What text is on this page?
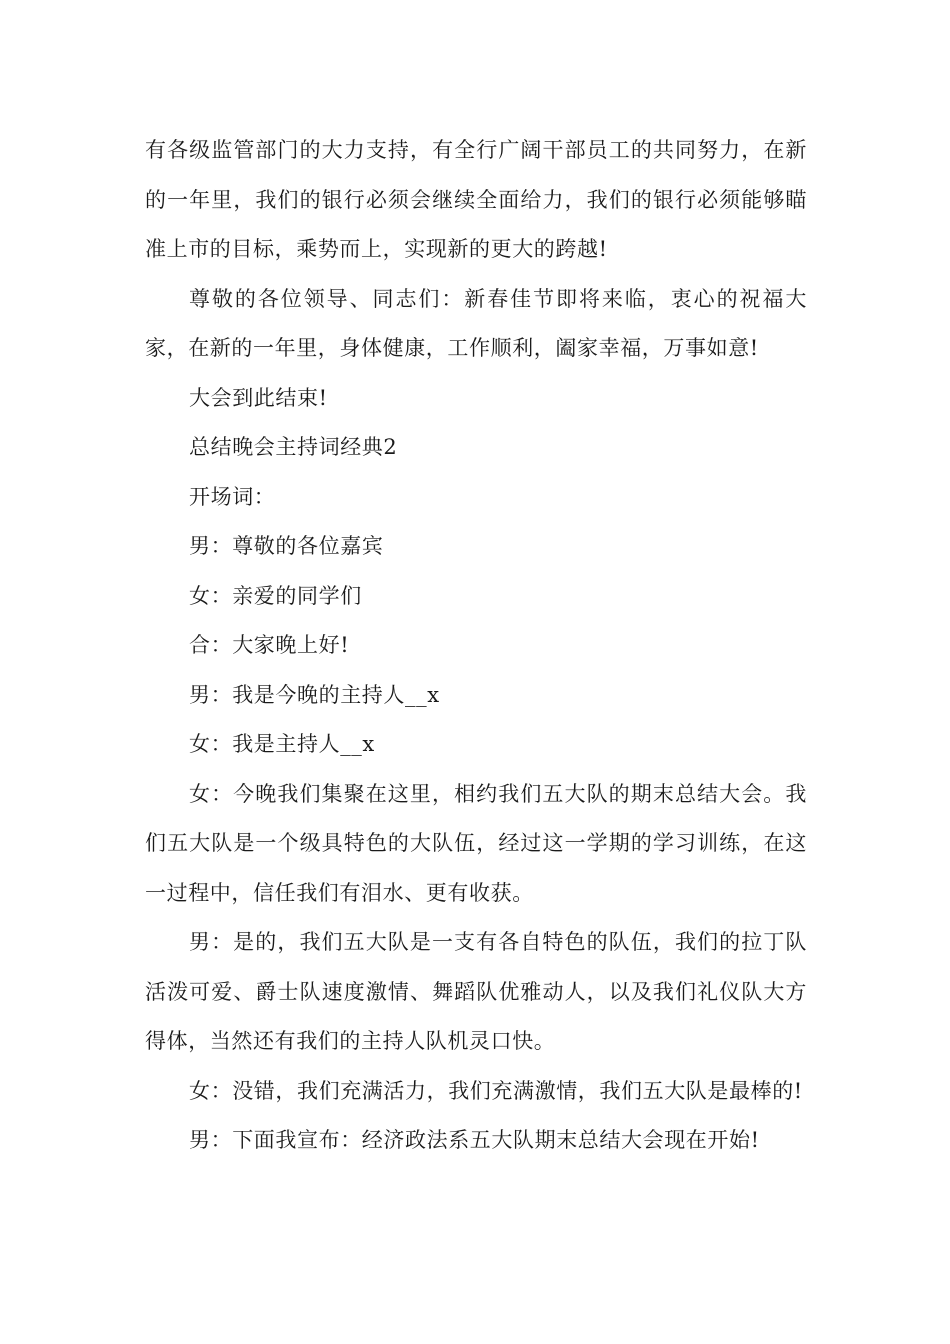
有各级监管部门的大力支持，有全行广阔干部员工的共同努力，在新的一年里，我们的银行必须会继续全面给力，我们的银行必须能够瞄准上市的目标，乘势而上，实现新的更大的跨越!

尊敬的各位领导、同志们：新春佳节即将来临，衷心的祝福大家，在新的一年里，身体健康，工作顺利，阖家幸福，万事如意!

大会到此结束!

总结晚会主持词经典2

开场词：

男：尊敬的各位嘉宾

女：亲爱的同学们

合：大家晚上好!

男：我是今晚的主持人__x

女：我是主持人__x

女：今晚我们集聚在这里，相约我们五大队的期末总结大会。我们五大队是一个级具特色的大队伍，经过这一学期的学习训练，在这一过程中，信任我们有泪水、更有收获。

男：是的，我们五大队是一支有各自特色的队伍，我们的拉丁队活泼可爱、爵士队速度激情、舞蹈队优雅动人，以及我们礼仪队大方得体，当然还有我们的主持人队机灵口快。

女：没错，我们充满活力，我们充满激情，我们五大队是最棒的!

男：下面我宣布：经济政法系五大队期末总结大会现在开始!
